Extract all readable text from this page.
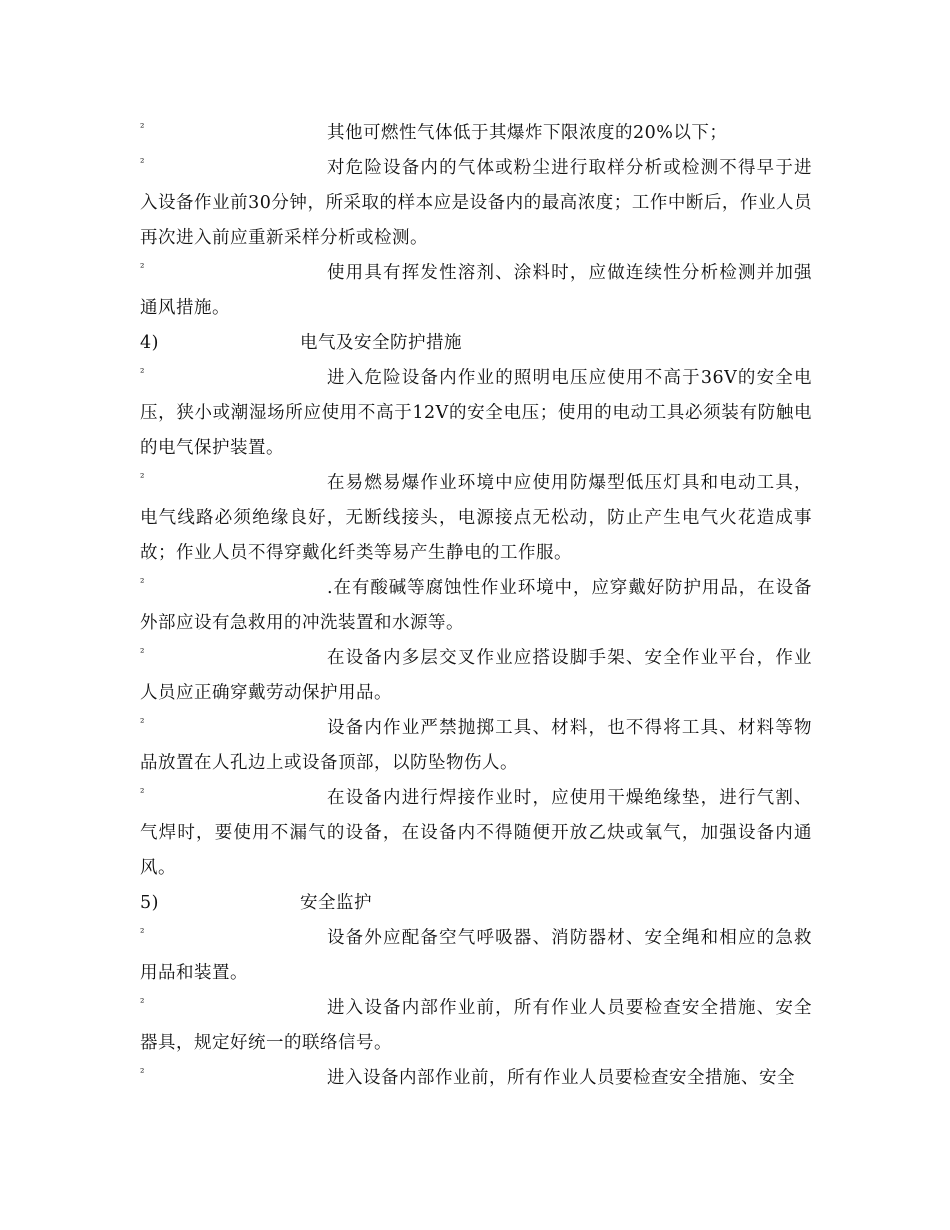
²	其他可燃性气体低于其爆炸下限浓度的20%以下；

²	对危险设备内的气体或粉尘进行取样分析或检测不得早于进入设备作业前30分钟，所采取的样本应是设备内的最高浓度；工作中断后，作业人员再次进入前应重新采样分析或检测。

²	使用具有挥发性溶剂、涂料时，应做连续性分析检测并加强通风措施。

4)	电气及安全防护措施

²	进入危险设备内作业的照明电压应使用不高于36V的安全电压，狭小或潮湿场所应使用不高于12V的安全电压；使用的电动工具必须装有防触电的电气保护装置。

²	在易燃易爆作业环境中应使用防爆型低压灯具和电动工具，电气线路必须绝缘良好，无断线接头，电源接点无松动，防止产生电气火花造成事故；作业人员不得穿戴化纤类等易产生静电的工作服。

²	.在有酸碱等腐蚀性作业环境中，应穿戴好防护用品，在设备外部应设有急救用的冲洗装置和水源等。

²	在设备内多层交叉作业应搭设脚手架、安全作业平台，作业人员应正确穿戴劳动保护用品。

²	设备内作业严禁抛掷工具、材料，也不得将工具、材料等物品放置在人孔边上或设备顶部，以防坠物伤人。

²	在设备内进行焊接作业时，应使用干燥绝缘垫，进行气割、气焊时，要使用不漏气的设备，在设备内不得随便开放乙炔或氧气，加强设备内通风。

5)	安全监护

²	设备外应配备空气呼吸器、消防器材、安全绳和相应的急救用品和装置。

²	进入设备内部作业前，所有作业人员要检查安全措施、安全器具，规定好统一的联络信号。

²	进入设备内部作业前，所有作业人员要检查安全措施、安全
